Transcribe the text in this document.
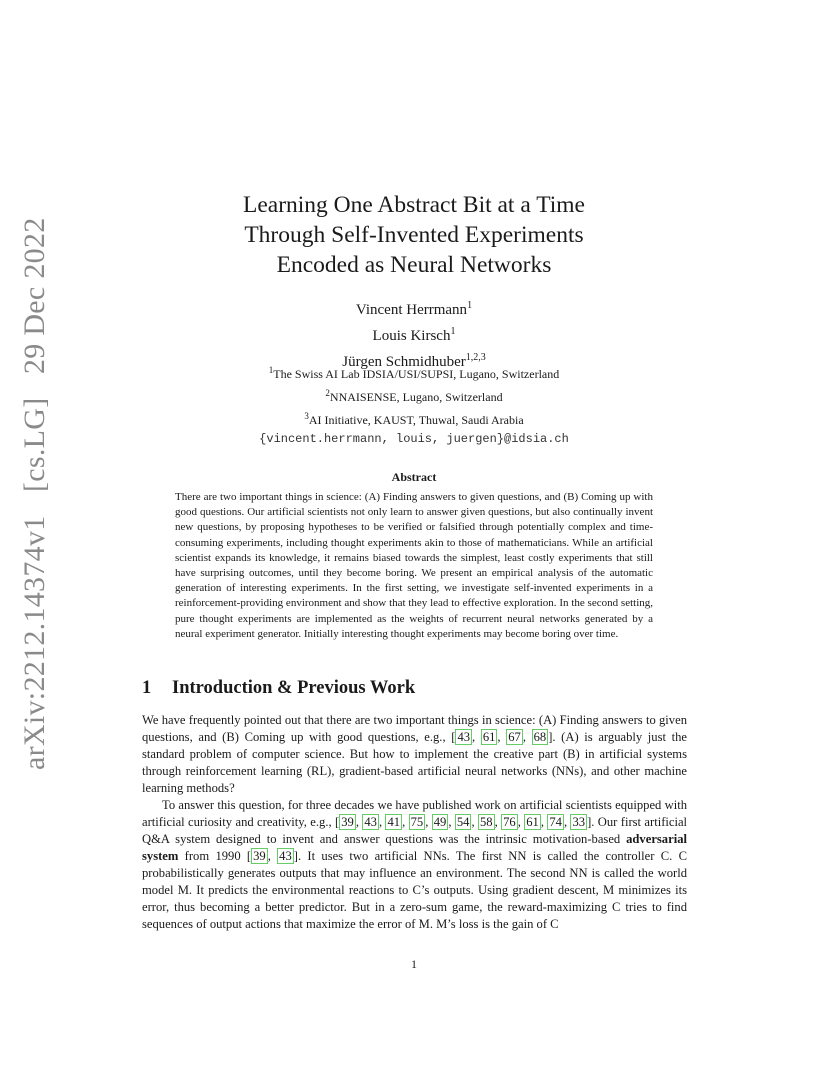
arXiv:2212.14374v1   [cs.LG]   29 Dec 2022
Learning One Abstract Bit at a Time
Through Self-Invented Experiments
Encoded as Neural Networks
Vincent Herrmann$^1$
Louis Kirsch$^1$
Jürgen Schmidhuber$^{1,2,3}$
$^1$The Swiss AI Lab IDSIA/USI/SUPSI, Lugano, Switzerland
$^2$NNAISENSE, Lugano, Switzerland
$^3$AI Initiative, KAUST, Thuwal, Saudi Arabia
{vincent.herrmann, louis, juergen}@idsia.ch
Abstract

There are two important things in science: (A) Finding answers to given questions, and (B) Coming up with good questions. Our artificial scientists not only learn to answer given questions, but also continually invent new questions, by proposing hypotheses to be verified or falsified through potentially complex and time-consuming experiments, including thought experiments akin to those of mathematicians. While an artificial scientist expands its knowledge, it remains biased towards the simplest, least costly experiments that still have surprising outcomes, until they become boring. We present an empirical analysis of the automatic generation of interesting experiments. In the first setting, we investigate self-invented experiments in a reinforcement-providing environment and show that they lead to effective exploration. In the second setting, pure thought experiments are implemented as the weights of recurrent neural networks generated by a neural experiment generator. Initially interesting thought experiments may become boring over time.

1 Introduction & Previous Work

We have frequently pointed out that there are two important things in science: (A) Finding answers to given questions, and (B) Coming up with good questions, e.g., [ 43 , 61 , 67 , 68 ]. (A) is arguably just the standard problem of computer science. But how to implement the creative part (B) in artificial systems through reinforcement learning (RL), gradient-based artificial neural networks (NNs), and other machine learning methods?

To answer this question, for three decades we have published work on artificial scientists equipped with artificial curiosity and creativity, e.g., [ 39 , 43 , 41 , 75 , 49 , 54 , 58 , 76 , 61 , 74 , 33 ]. Our first artificial Q&A system designed to invent and answer questions was the intrinsic motivation-based adversarial system from 1990 [ 39 , 43 ]. It uses two artificial NNs. The first NN is called the controller C. C probabilistically generates outputs that may influence an environment. The second NN is called the world model M. It predicts the environmental reactions to C’s outputs. Using gradient descent, M minimizes its error, thus becoming a better predictor. But in a zero-sum game, the reward-maximizing C tries to find sequences of output actions that maximize the error of M. M’s loss is the gain of C

1
